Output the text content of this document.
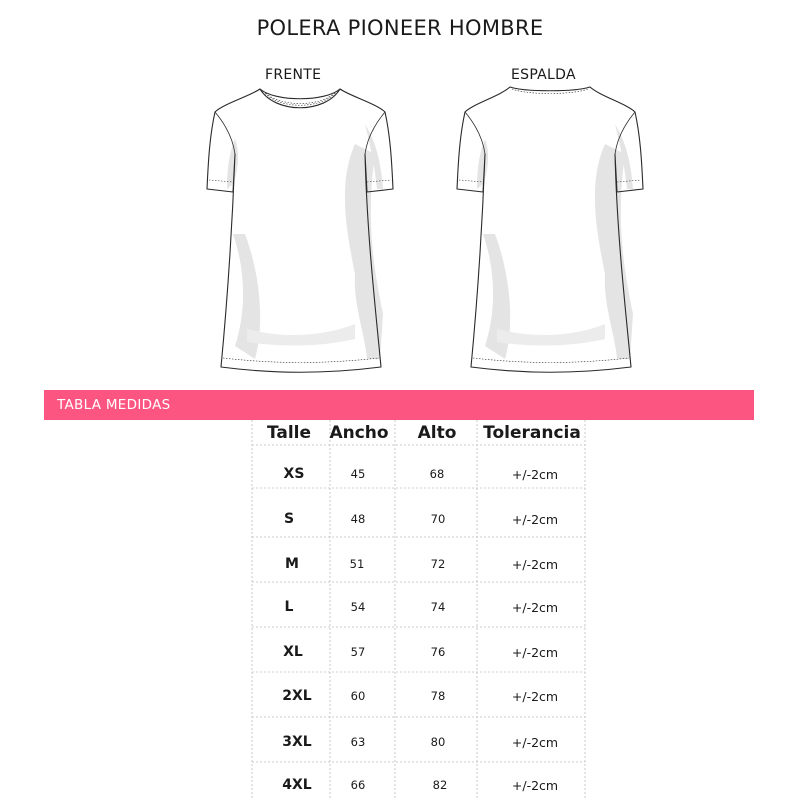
POLERA PIONEER HOMBRE
FRENTE	ESPALDA
TABLA MEDIDAS
Talle Ancho Alto Tolerancia
XS	45	68	+/-2cm
S	48	70	+/-2cm
M	51	72	+/-2cm
L	54	74	+/-2cm
XL	57	76	+/-2cm
2XL	60	78	+/-2cm
3XL	63	80	+/-2cm
4XL	66	82	+/-2cm
